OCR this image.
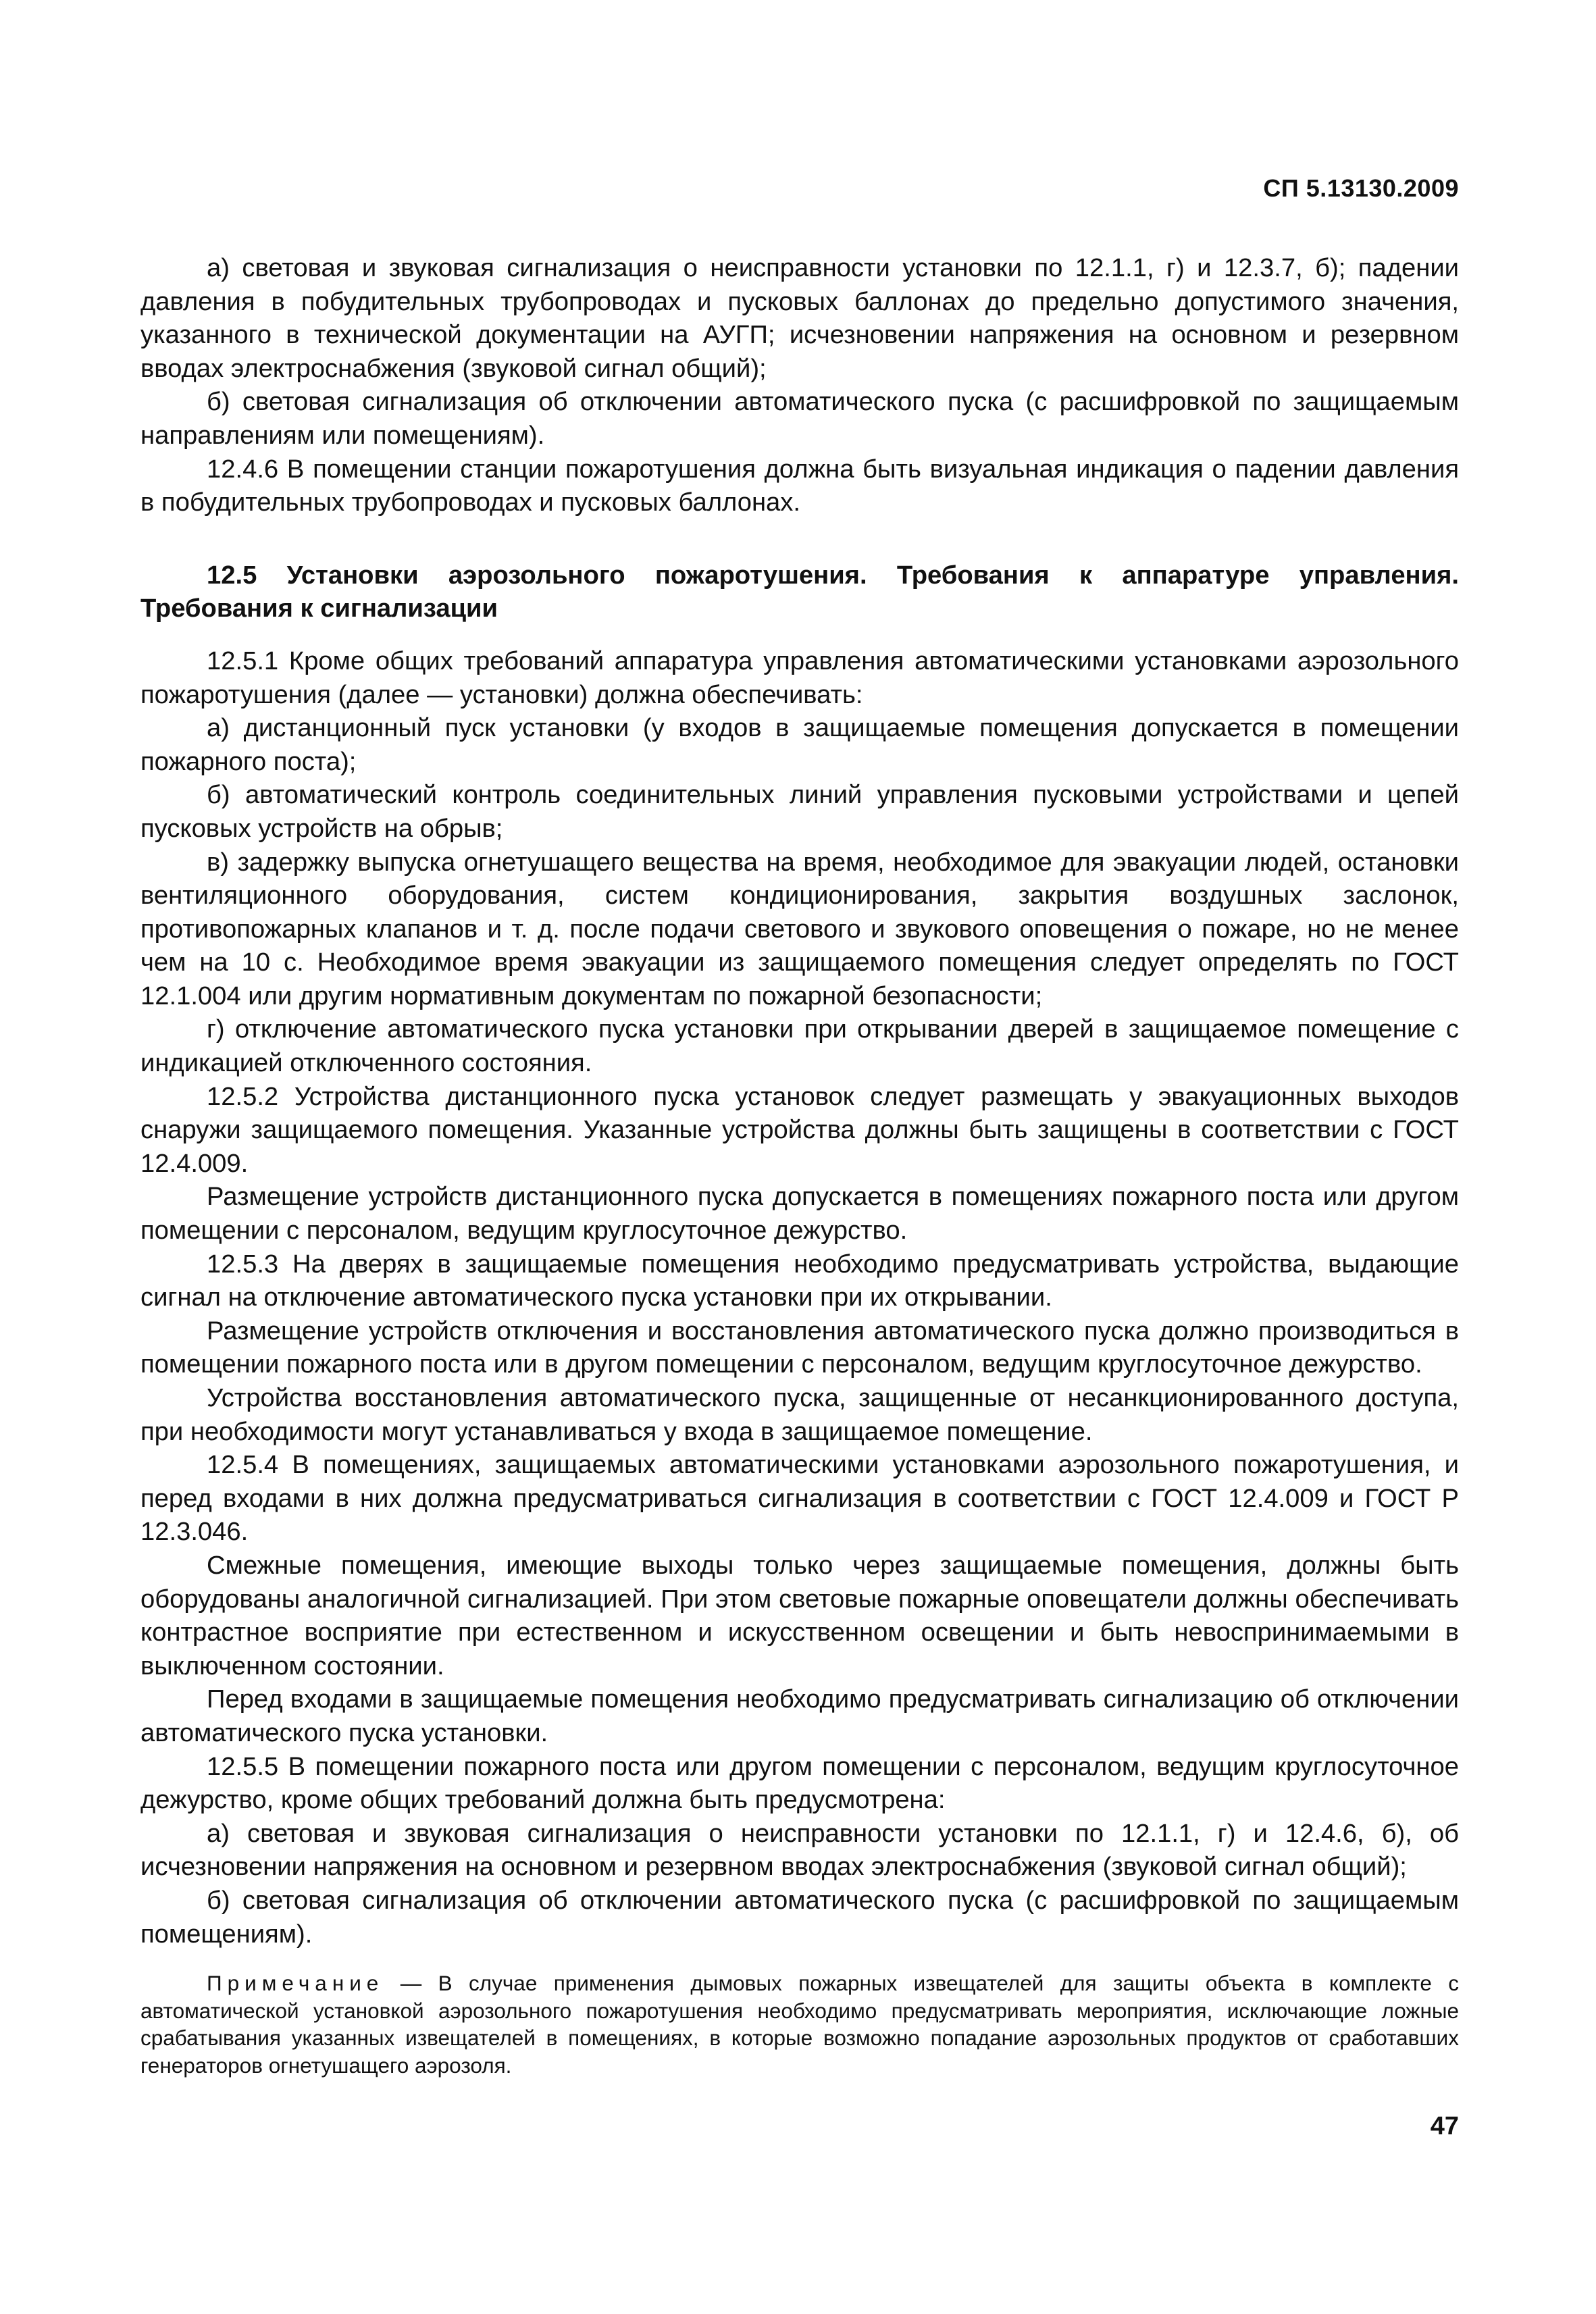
СП 5.13130.2009

а) световая и звуковая сигнализация о неисправности установки по 12.1.1, г) и 12.3.7, б); падении давления в побудительных трубопроводах и пусковых баллонах до предельно допустимого значения, указанного в технической документации на АУГП; исчезновении напряжения на основном и резервном вводах электроснабжения (звуковой сигнал общий);

б) световая сигнализация об отключении автоматического пуска (с расшифровкой по защищаемым направлениям или помещениям).

12.4.6 В помещении станции пожаротушения должна быть визуальная индикация о падении давления в побудительных трубопроводах и пусковых баллонах.

12.5 Установки аэрозольного пожаротушения. Требования к аппаратуре управления. Требования к сигнализации

12.5.1 Кроме общих требований аппаратура управления автоматическими установками аэрозольного пожаротушения (далее — установки) должна обеспечивать:

а) дистанционный пуск установки (у входов в защищаемые помещения допускается в помещении пожарного поста);

б) автоматический контроль соединительных линий управления пусковыми устройствами и цепей пусковых устройств на обрыв;

в) задержку выпуска огнетушащего вещества на время, необходимое для эвакуации людей, остановки вентиляционного оборудования, систем кондиционирования, закрытия воздушных заслонок, противопожарных клапанов и т. д. после подачи светового и звукового оповещения о пожаре, но не менее чем на 10 с. Необходимое время эвакуации из защищаемого помещения следует определять по ГОСТ 12.1.004 или другим нормативным документам по пожарной безопасности;

г) отключение автоматического пуска установки при открывании дверей в защищаемое помещение с индикацией отключенного состояния.

12.5.2 Устройства дистанционного пуска установок следует размещать у эвакуационных выходов снаружи защищаемого помещения. Указанные устройства должны быть защищены в соответствии с ГОСТ 12.4.009.

Размещение устройств дистанционного пуска допускается в помещениях пожарного поста или другом помещении с персоналом, ведущим круглосуточное дежурство.

12.5.3 На дверях в защищаемые помещения необходимо предусматривать устройства, выдающие сигнал на отключение автоматического пуска установки при их открывании.

Размещение устройств отключения и восстановления автоматического пуска должно производиться в помещении пожарного поста или в другом помещении с персоналом, ведущим круглосуточное дежурство.

Устройства восстановления автоматического пуска, защищенные от несанкционированного доступа, при необходимости могут устанавливаться у входа в защищаемое помещение.

12.5.4 В помещениях, защищаемых автоматическими установками аэрозольного пожаротушения, и перед входами в них должна предусматриваться сигнализация в соответствии с ГОСТ 12.4.009 и ГОСТ Р 12.3.046.

Смежные помещения, имеющие выходы только через защищаемые помещения, должны быть оборудованы аналогичной сигнализацией. При этом световые пожарные оповещатели должны обеспечивать контрастное восприятие при естественном и искусственном освещении и быть невоспринимаемыми в выключенном состоянии.

Перед входами в защищаемые помещения необходимо предусматривать сигнализацию об отключении автоматического пуска установки.

12.5.5 В помещении пожарного поста или другом помещении с персоналом, ведущим круглосуточное дежурство, кроме общих требований должна быть предусмотрена:

а) световая и звуковая сигнализация о неисправности установки по 12.1.1, г) и 12.4.6, б), об исчезновении напряжения на основном и резервном вводах электроснабжения (звуковой сигнал общий);

б) световая сигнализация об отключении автоматического пуска (с расшифровкой по защищаемым помещениям).

Примечание — В случае применения дымовых пожарных извещателей для защиты объекта в комплекте с автоматической установкой аэрозольного пожаротушения необходимо предусматривать мероприятия, исключающие ложные срабатывания указанных извещателей в помещениях, в которые возможно попадание аэрозольных продуктов от сработавших генераторов огнетушащего аэрозоля.

47
